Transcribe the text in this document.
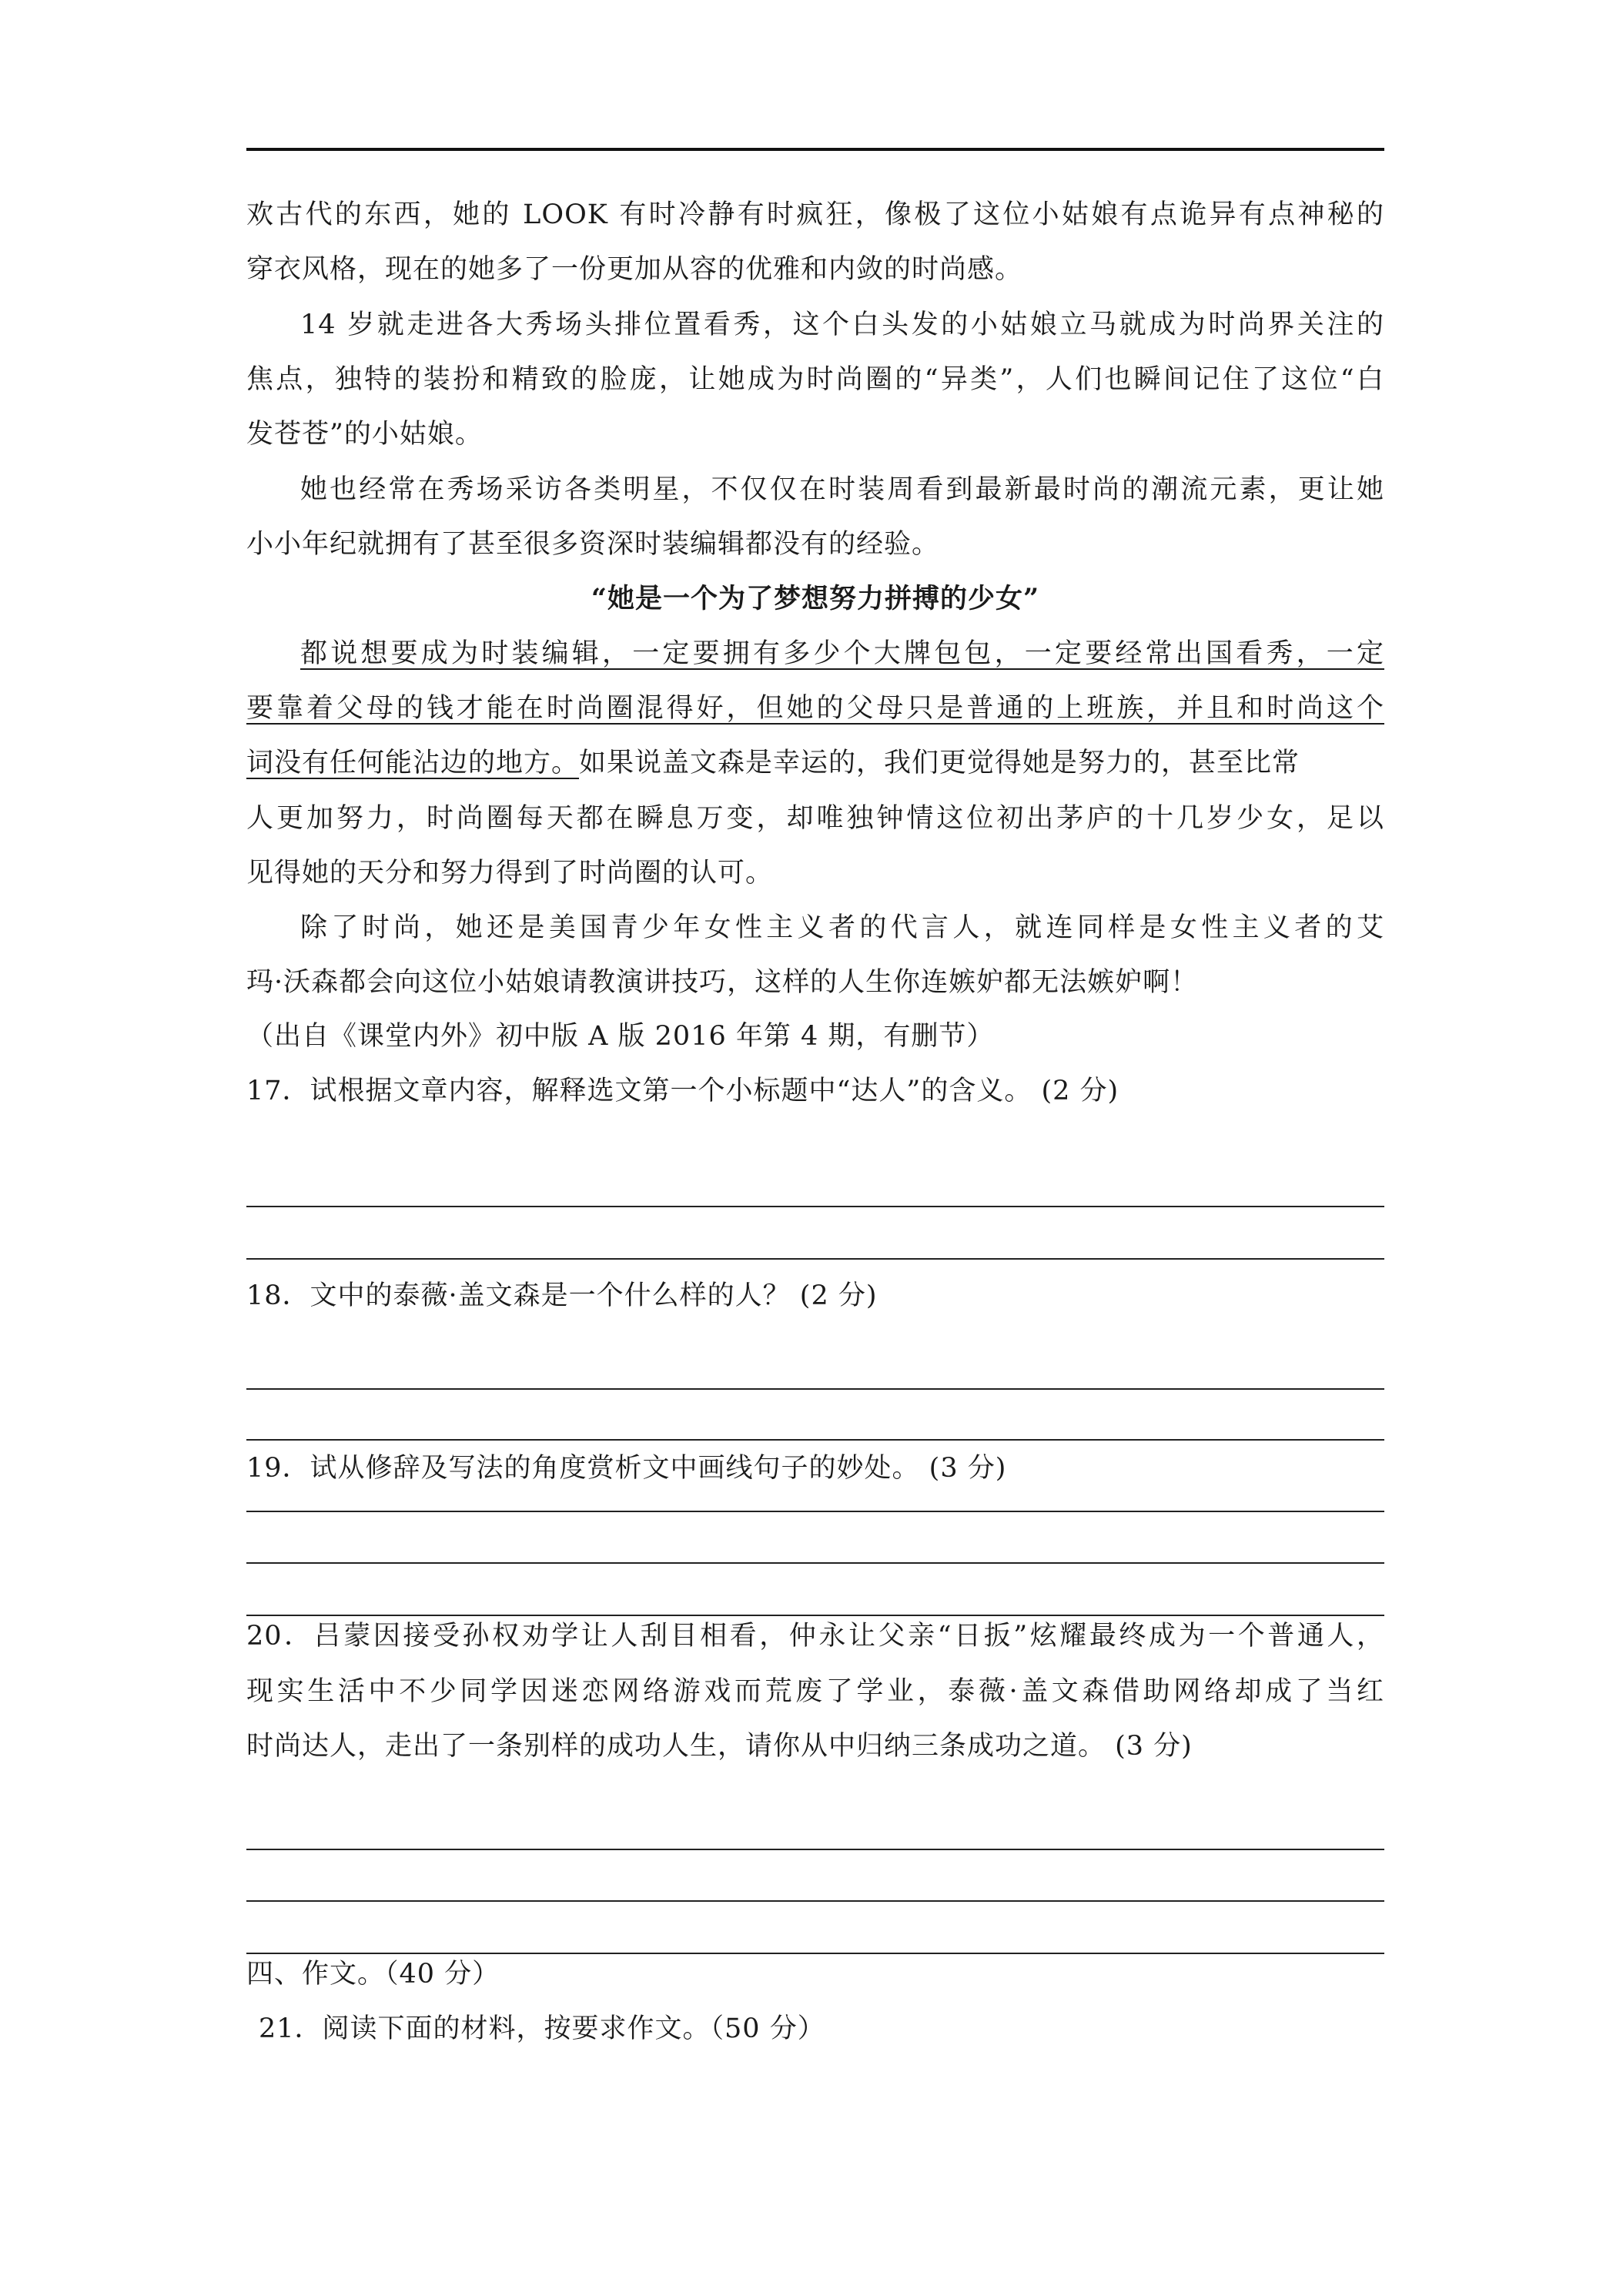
欢古代的东西，她的 LOOK 有时冷静有时疯狂，像极了这位小姑娘有点诡异有点神秘的
穿衣风格，现在的她多了一份更加从容的优雅和内敛的时尚感。
14 岁就走进各大秀场头排位置看秀，这个白头发的小姑娘立马就成为时尚界关注的
焦点，独特的装扮和精致的脸庞，让她成为时尚圈的“异类”，人们也瞬间记住了这位“白
发苍苍”的小姑娘。
她也经常在秀场采访各类明星，不仅仅在时装周看到最新最时尚的潮流元素，更让她
小小年纪就拥有了甚至很多资深时装编辑都没有的经验。
“她是一个为了梦想努力拼搏的少女”
都说想要成为时装编辑，一定要拥有多少个大牌包包，一定要经常出国看秀，一定
要靠着父母的钱才能在时尚圈混得好，但她的父母只是普通的上班族，并且和时尚这个
词没有任何能沾边的地方。如果说盖文森是幸运的，我们更觉得她是努力的，甚至比常
人更加努力，时尚圈每天都在瞬息万变，却唯独钟情这位初出茅庐的十几岁少女，足以
见得她的天分和努力得到了时尚圈的认可。
除了时尚，她还是美国青少年女性主义者的代言人，就连同样是女性主义者的艾
玛·沃森都会向这位小姑娘请教演讲技巧，这样的人生你连嫉妒都无法嫉妒啊！
（出自《课堂内外》初中版 A 版 2016 年第 4 期，有删节）
17．试根据文章内容，解释选文第一个小标题中“达人”的含义。 (2 分)
18．文中的泰薇·盖文森是一个什么样的人？ (2 分)
19．试从修辞及写法的角度赏析文中画线句子的妙处。 (3 分)
20．吕蒙因接受孙权劝学让人刮目相看，仲永让父亲“日扳”炫耀最终成为一个普通人，
现实生活中不少同学因迷恋网络游戏而荒废了学业，泰薇·盖文森借助网络却成了当红
时尚达人，走出了一条别样的成功人生，请你从中归纳三条成功之道。 (3 分)
四、作文。（40 分）
21．阅读下面的材料，按要求作文。（50 分）
